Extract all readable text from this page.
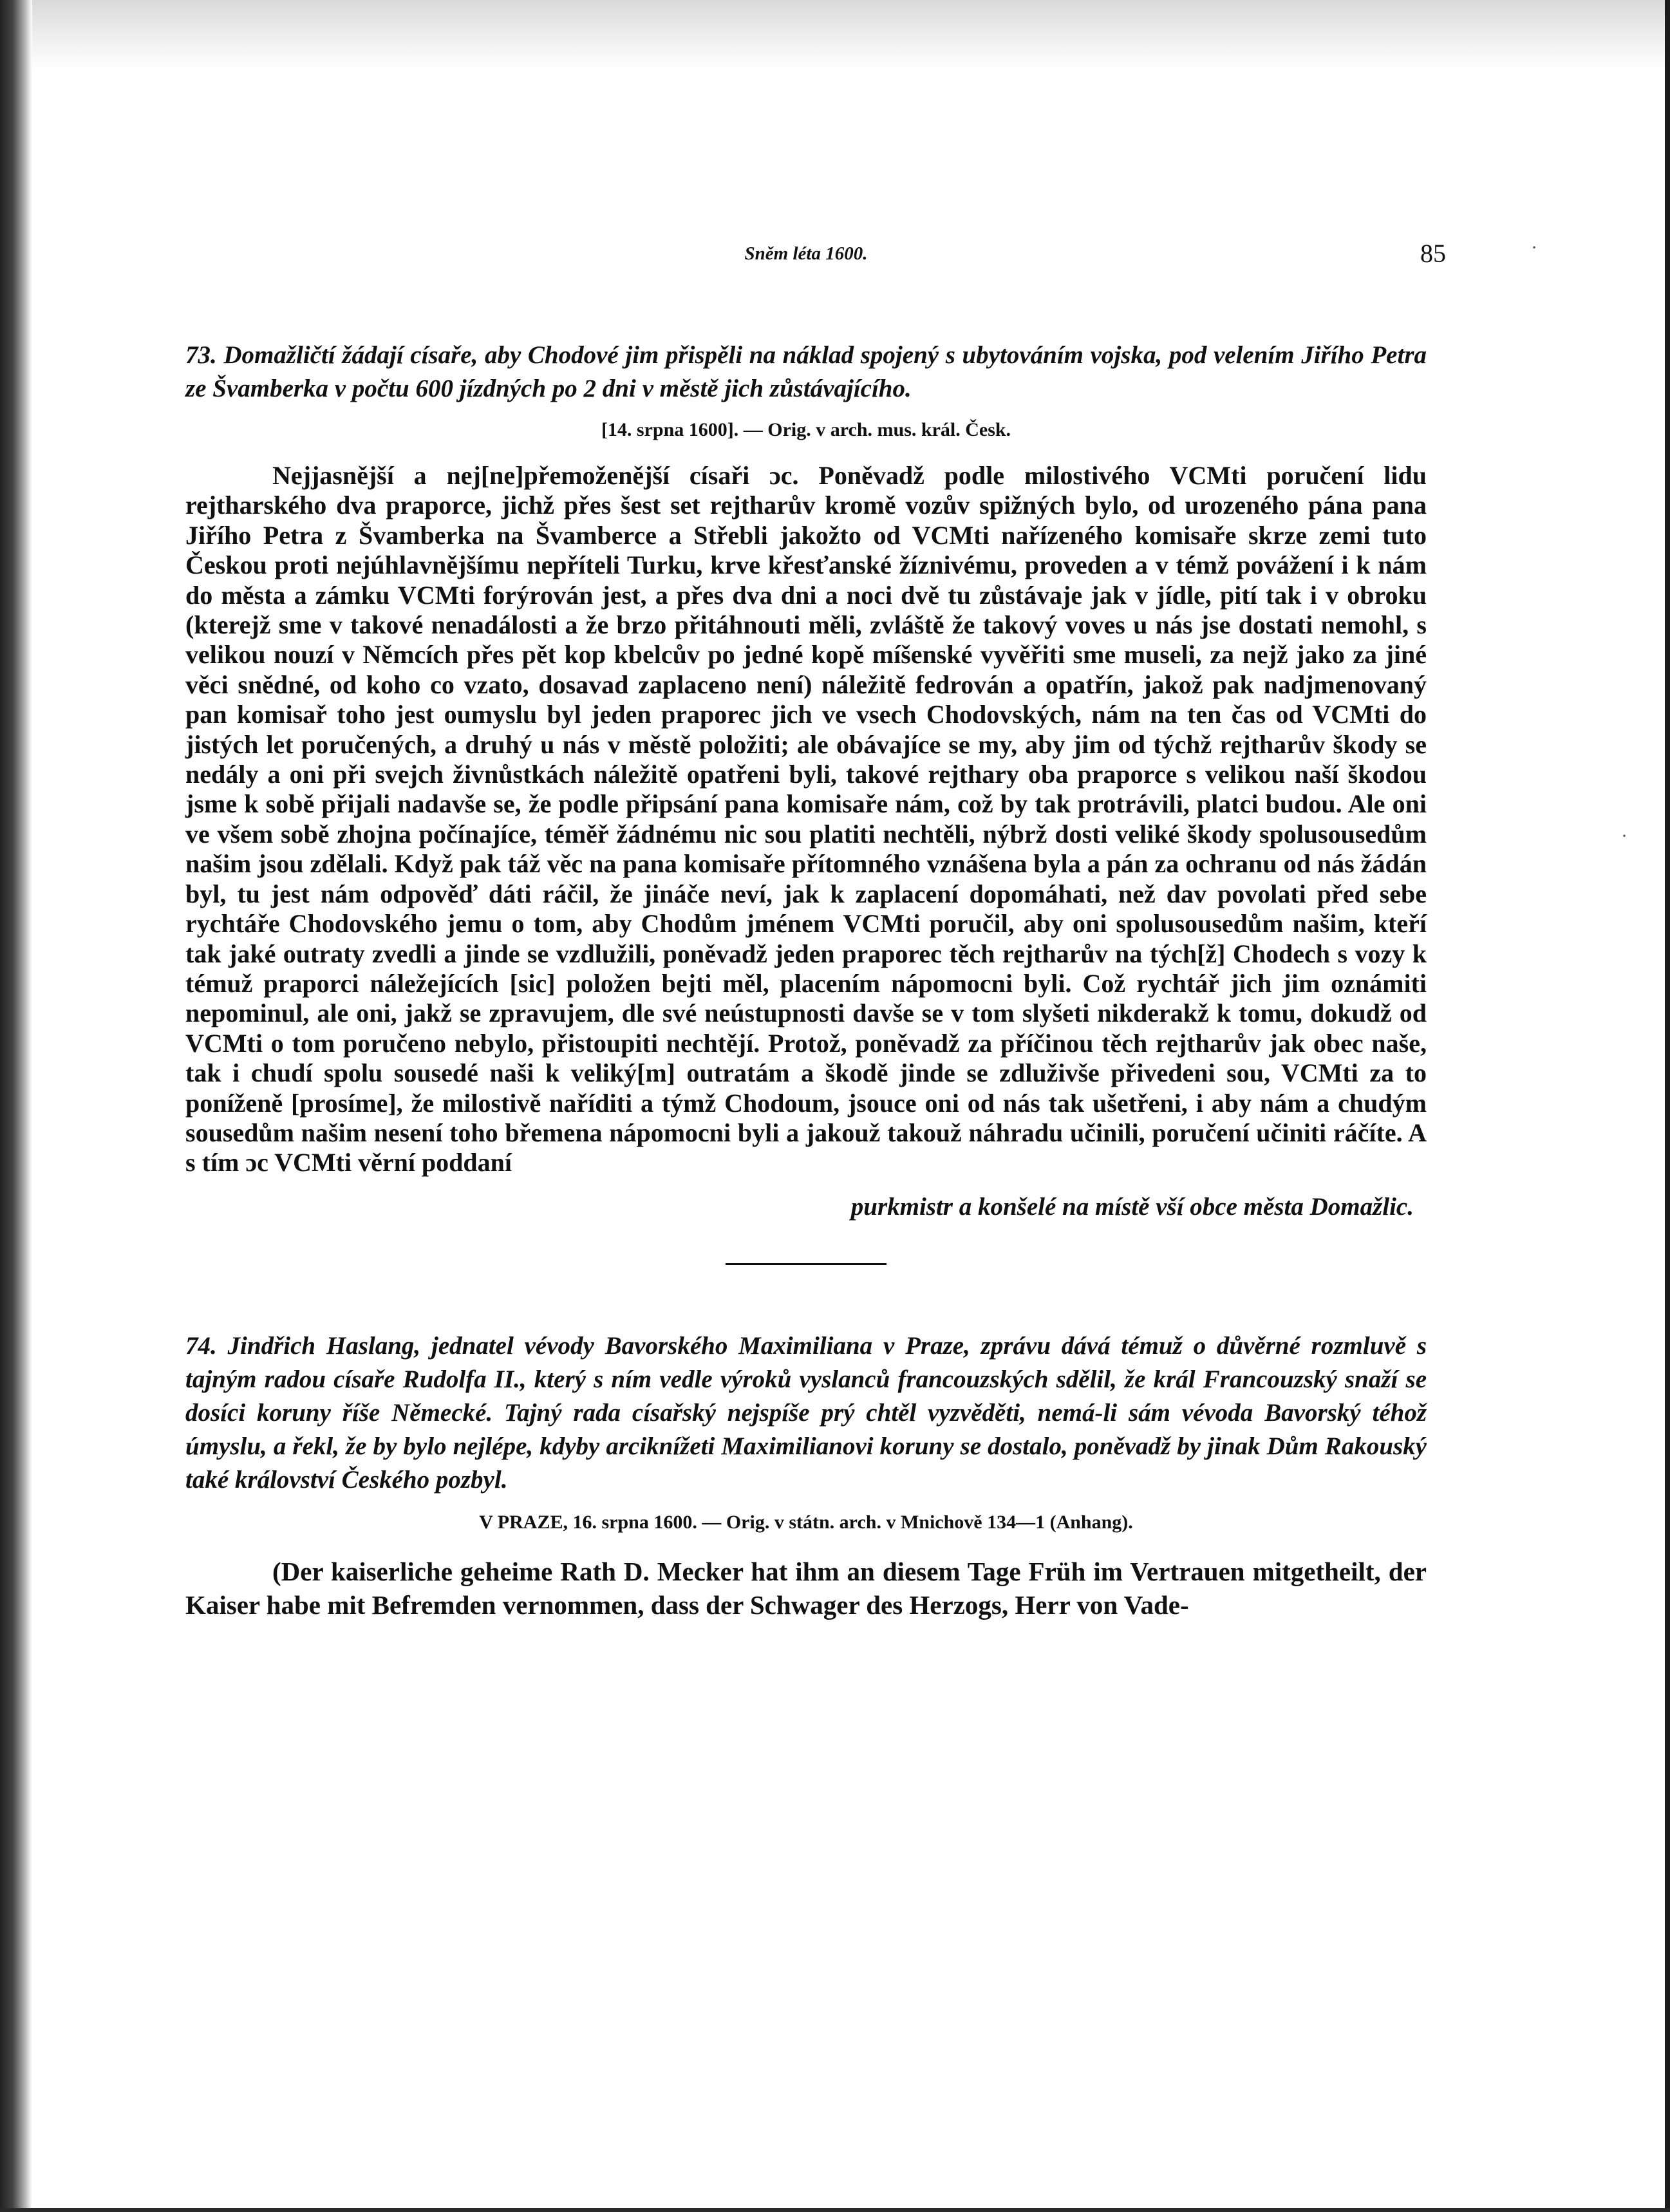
·
·
Sněm léta 1600.	85
73. Domažličtí žádají císaře, aby Chodové jim přispěli na náklad spojený s ubytováním vojska, pod velením Jiřího Petra ze Švamberka v počtu 600 jízdných po 2 dni v městě jich zůstávajícího.
[14. srpna 1600]. — Orig. v arch. mus. král. Česk.

Nejjasnější a nej[ne]přemoženější císaři ɔc. Poněvadž podle milostivého VCMti poručení lidu rejtharského dva praporce, jichž přes šest set rejtharův kromě vozův spižných bylo, od urozeného pána pana Jiřího Petra z Švamberka na Švamberce a Střebli jakožto od VCMti nařízeného komisaře skrze zemi tuto Českou proti nejúhlavnějšímu nepříteli Turku, krve křesťanské žíznivému, proveden a v témž povážení i k nám do města a zámku VCMti forýrován jest, a přes dva dni a noci dvě tu zůstávaje jak v jídle, pití tak i v obroku (kterejž sme v takové nenadálosti a že brzo přitáhnouti měli, zvláště že takový voves u nás jse dostati nemohl, s velikou nouzí v Němcích přes pět kop kbelcův po jedné kopě míšenské vyvěřiti sme museli, za nejž jako za jiné věci snědné, od koho co vzato, dosavad zaplaceno není) náležitě fedrován a opatřín, jakož pak nadjmenovaný pan komisař toho jest oumyslu byl jeden praporec jich ve vsech Chodovských, nám na ten čas od VCMti do jistých let poručených, a druhý u nás v městě položiti; ale obávajíce se my, aby jim od týchž rejtharův škody se nedály a oni při svejch živnůstkách náležitě opatřeni byli, takové rejthary oba praporce s velikou naší škodou jsme k sobě přijali nadavše se, že podle připsání pana komisaře nám, což by tak protrávili, platci budou. Ale oni ve všem sobě zhojna počínajíce, téměř žádnému nic sou platiti nechtěli, nýbrž dosti veliké škody spolusousedům našim jsou zdělali. Když pak táž věc na pana komisaře přítomného vznášena byla a pán za ochranu od nás žádán byl, tu jest nám odpověď dáti ráčil, že jináče neví, jak k zaplacení dopomáhati, než dav povolati před sebe rychtáře Chodovského jemu o tom, aby Chodům jménem VCMti poručil, aby oni spolusousedům našim, kteří tak jaké outraty zvedli a jinde se vzdlužili, poněvadž jeden praporec těch rejtharův na tých[ž] Chodech s vozy k témuž praporci náležejících [sic] položen bejti měl, placením nápomocni byli. Což rychtář jich jim oznámiti nepominul, ale oni, jakž se zpravujem, dle své neústupnosti davše se v tom slyšeti nikderakž k tomu, dokudž od VCMti o tom poručeno nebylo, přistoupiti nechtějí. Protož, poněvadž za příčinou těch rejtharův jak obec naše, tak i chudí spolu sousedé naši k veliký[m] outratám a škodě jinde se zdluživše přivedeni sou, VCMti za to poníženě [prosíme], že milostivě naříditi a týmž Chodoum, jsouce oni od nás tak ušetřeni, i aby nám a chudým sousedům našim nesení toho břemena nápomocni byli a jakouž takouž náhradu učinili, poručení učiniti ráčíte. A s tím ɔc VCMti věrní poddaní

purkmistr a konšelé na místě vší obce města Domažlic.
74. Jindřich Haslang, jednatel vévody Bavorského Maximiliana v Praze, zprávu dává témuž o důvěrné rozmluvě s tajným radou císaře Rudolfa II., který s ním vedle výroků vyslanců francouzských sdělil, že král Francouzský snaží se dosíci koruny říše Německé. Tajný rada císařský nejspíše prý chtěl vyzvěděti, nemá-li sám vévoda Bavorský téhož úmyslu, a řekl, že by bylo nejlépe, kdyby arciknížeti Maximilianovi koruny se dostalo, poněvadž by jinak Dům Rakouský také království Českého pozbyl.
V PRAZE, 16. srpna 1600. — Orig. v státn. arch. v Mnichově 134—1 (Anhang).

(Der kaiserliche geheime Rath D. Mecker hat ihm an diesem Tage Früh im Vertrauen mitgetheilt, der Kaiser habe mit Befremden vernommen, dass der Schwager des Herzogs, Herr von Vade-
